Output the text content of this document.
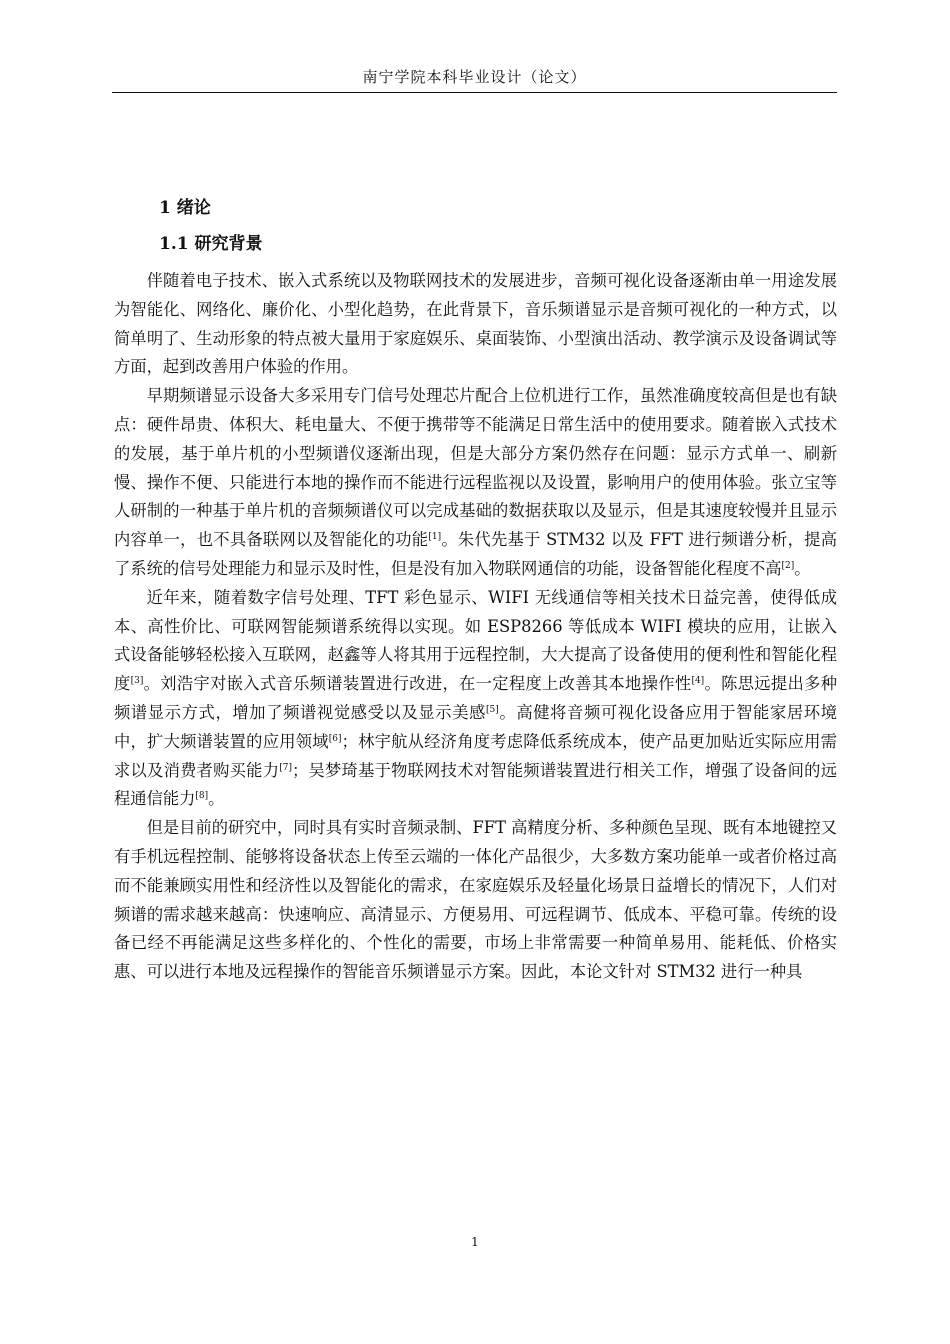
南宁学院本科毕业设计（论文）
1 绪论
1.1 研究背景

伴随着电子技术、嵌入式系统以及物联网技术的发展进步，音频可视化设备逐渐由单一用途发展为智能化、网络化、廉价化、小型化趋势，在此背景下，音乐频谱显示是音频可视化的一种方式，以简单明了、生动形象的特点被大量用于家庭娱乐、桌面装饰、小型演出活动、教学演示及设备调试等方面，起到改善用户体验的作用。

早期频谱显示设备大多采用专门信号处理芯片配合上位机进行工作，虽然准确度较高但是也有缺点：硬件昂贵、体积大、耗电量大、不便于携带等不能满足日常生活中的使用要求。随着嵌入式技术的发展，基于单片机的小型频谱仪逐渐出现，但是大部分方案仍然存在问题：显示方式单一、刷新慢、操作不便、只能进行本地的操作而不能进行远程监视以及设置，影响用户的使用体验。张立宝等人研制的一种基于单片机的音频频谱仪可以完成基础的数据获取以及显示，但是其速度较慢并且显示内容单一，也不具备联网以及智能化的功能[1]。朱代先基于 STM32 以及 FFT 进行频谱分析，提高了系统的信号处理能力和显示及时性，但是没有加入物联网通信的功能，设备智能化程度不高[2]。

近年来，随着数字信号处理、TFT 彩色显示、WIFI 无线通信等相关技术日益完善，使得低成本、高性价比、可联网智能频谱系统得以实现。如 ESP8266 等低成本 WIFI 模块的应用，让嵌入式设备能够轻松接入互联网，赵鑫等人将其用于远程控制，大大提高了设备使用的便利性和智能化程度[3]。刘浩宇对嵌入式音乐频谱装置进行改进，在一定程度上改善其本地操作性[4]。陈思远提出多种频谱显示方式，增加了频谱视觉感受以及显示美感[5]。高健将音频可视化设备应用于智能家居环境中，扩大频谱装置的应用领域[6]；林宇航从经济角度考虑降低系统成本，使产品更加贴近实际应用需求以及消费者购买能力[7]；吴梦琦基于物联网技术对智能频谱装置进行相关工作，增强了设备间的远程通信能力[8]。

但是目前的研究中，同时具有实时音频录制、FFT 高精度分析、多种颜色呈现、既有本地键控又有手机远程控制、能够将设备状态上传至云端的一体化产品很少，大多数方案功能单一或者价格过高而不能兼顾实用性和经济性以及智能化的需求，在家庭娱乐及轻量化场景日益增长的情况下，人们对频谱的需求越来越高：快速响应、高清显示、方便易用、可远程调节、低成本、平稳可靠。传统的设备已经不再能满足这些多样化的、个性化的需要，市场上非常需要一种简单易用、能耗低、价格实惠、可以进行本地及远程操作的智能音乐频谱显示方案。因此，本论文针对 STM32 进行一种具

1
